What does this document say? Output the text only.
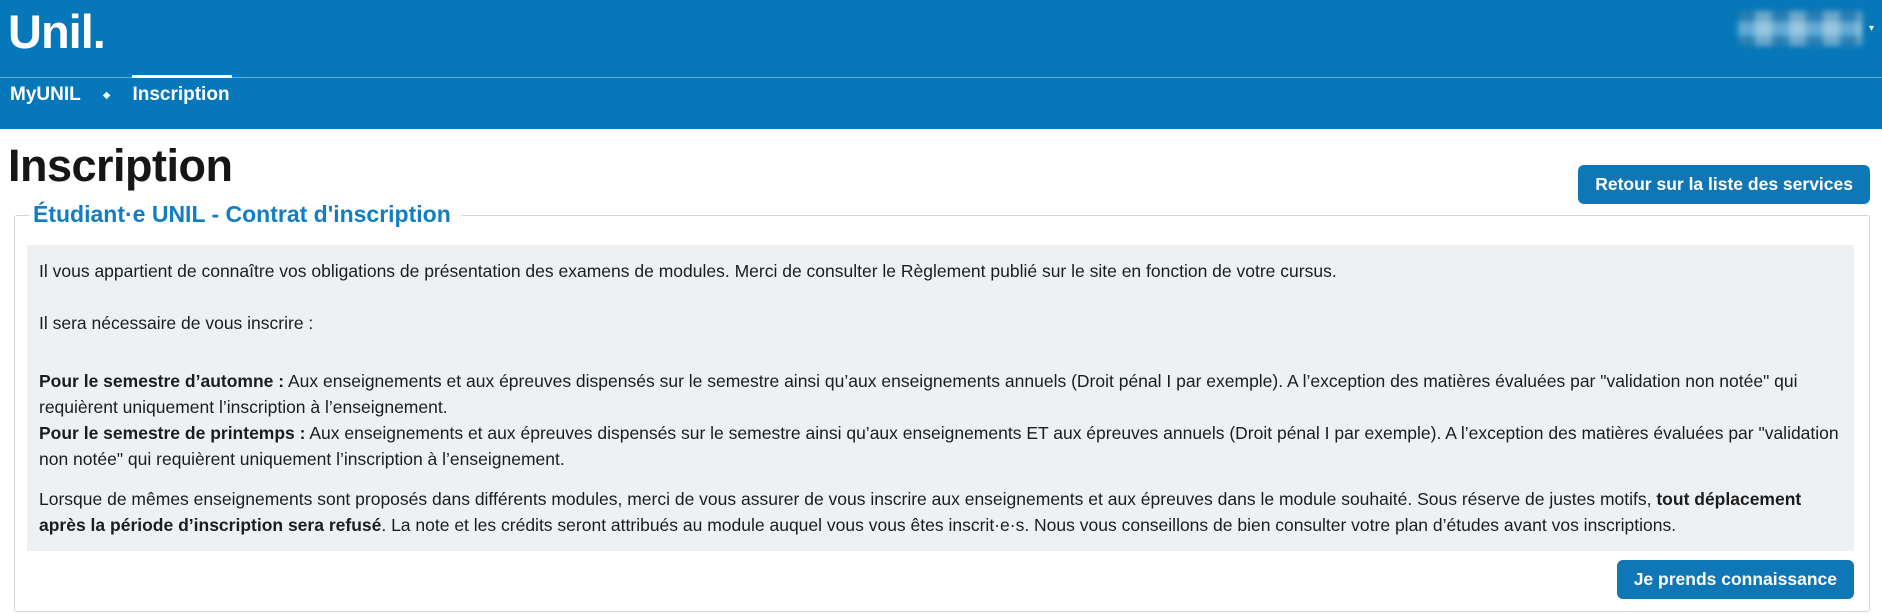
Unil.	▾
MyUNIL ◆ Inscription
Inscription	Retour sur la liste des services
Étudiant·e UNIL - Contrat d'inscription

Il vous appartient de connaître vos obligations de présentation des examens de modules. Merci de consulter le Règlement publié sur le site en fonction de votre cursus.

Il sera nécessaire de vous inscrire :

Pour le semestre d’automne : Aux enseignements et aux épreuves dispensés sur le semestre ainsi qu’aux enseignements annuels (Droit pénal I par exemple). A l’exception des matières évaluées par "validation non notée" qui requièrent uniquement l’inscription à l’enseignement.
Pour le semestre de printemps : Aux enseignements et aux épreuves dispensés sur le semestre ainsi qu’aux enseignements ET aux épreuves annuels (Droit pénal I par exemple). A l’exception des matières évaluées par "validation non notée" qui requièrent uniquement l’inscription à l’enseignement.

Lorsque de mêmes enseignements sont proposés dans différents modules, merci de vous assurer de vous inscrire aux enseignements et aux épreuves dans le module souhaité. Sous réserve de justes motifs, tout déplacement après la période d’inscription sera refusé. La note et les crédits seront attribués au module auquel vous vous êtes inscrit·e·s. Nous vous conseillons de bien consulter votre plan d’études avant vos inscriptions.

Je prends connaissance
